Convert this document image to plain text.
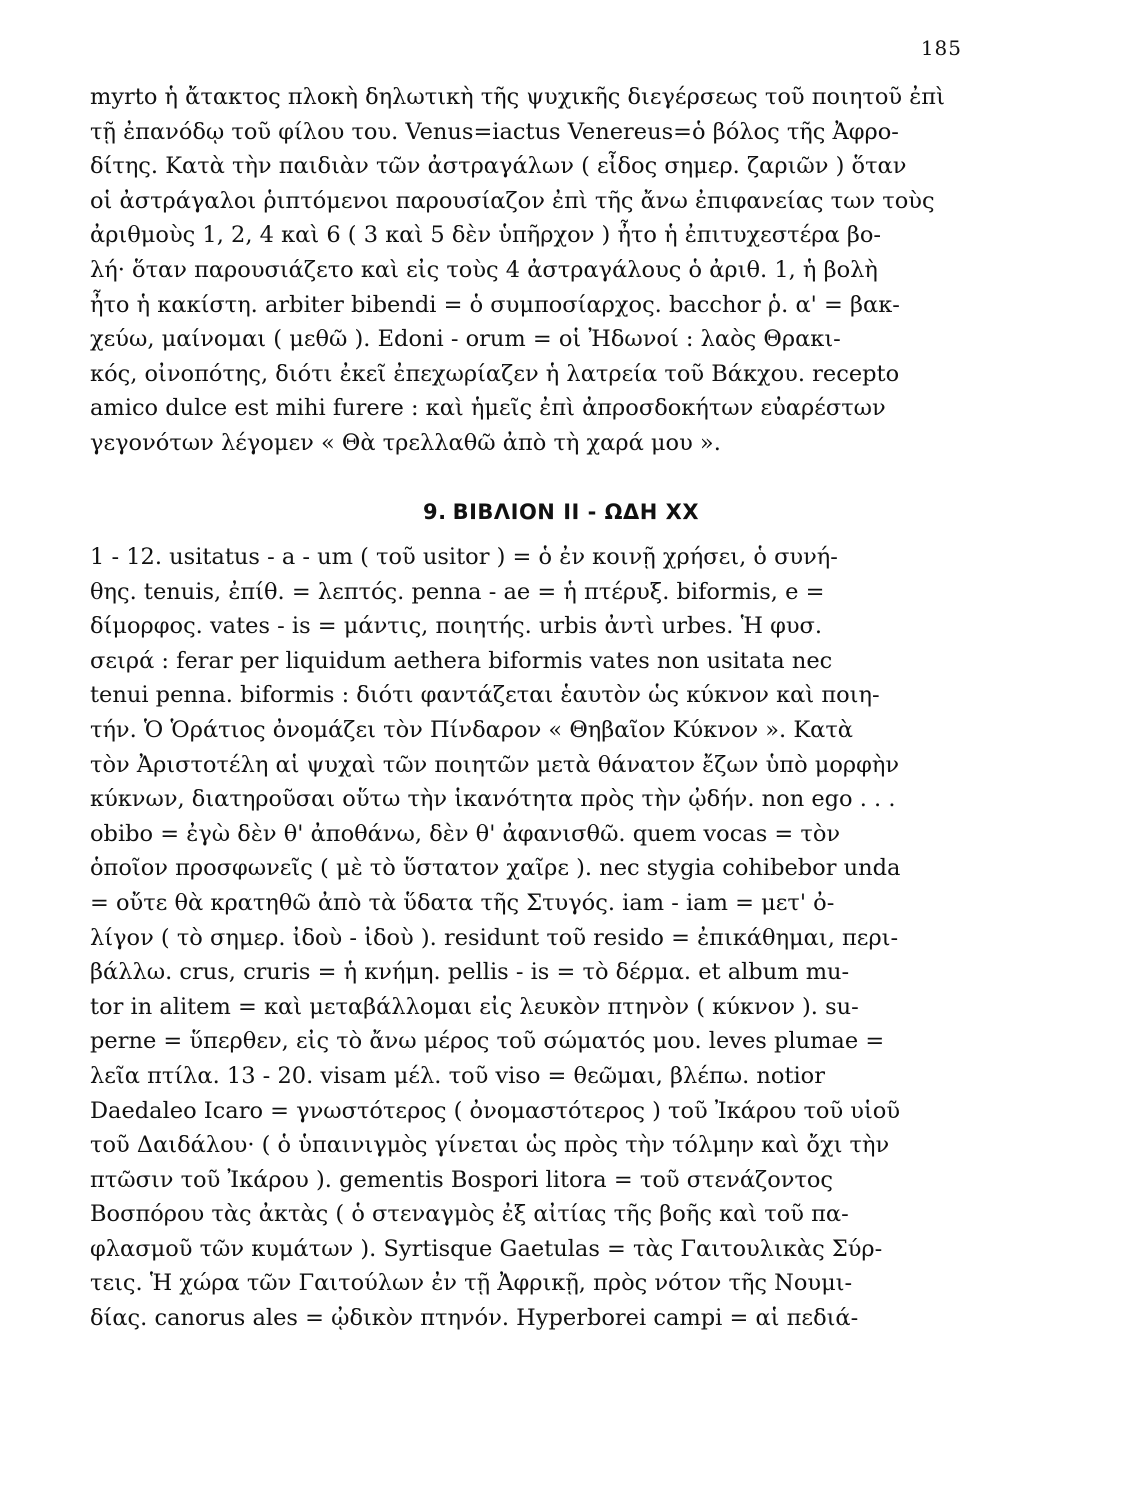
185
myrto ἡ ἄτακτος πλοκὴ δηλωτικὴ τῆς ψυχικῆς διεγέρσεως τοῦ ποιητοῦ ἐπὶ
τῇ ἐπανόδῳ τοῦ φίλου του. Venus=iactus Venereus=ὁ βόλος τῆς Ἀφρο-
δίτης. Κατὰ τὴν παιδιὰν τῶν ἀστραγάλων ( εἶδος σημερ. ζαριῶν ) ὅταν
οἱ ἀστράγαλοι ῥιπτόμενοι παρουσίαζον ἐπὶ τῆς ἄνω ἐπιφανείας των τοὺς
ἀριθμοὺς 1, 2, 4 καὶ 6 ( 3 καὶ 5 δὲν ὑπῆρχον ) ἦτο ἡ ἐπιτυχεστέρα βο-
λή· ὅταν παρουσιάζετο καὶ εἰς τοὺς 4 ἀστραγάλους ὁ ἀριθ. 1, ἡ βολὴ
ἦτο ἡ κακίστη. arbiter bibendi = ὁ συμποσίαρχος. bacchor ῥ. α' = βακ-
χεύω, μαίνομαι ( μεθῶ ). Edoni - orum = οἱ Ἠδωνοί : λαὸς Θρακι-
κός, οἰνοπότης, διότι ἐκεῖ ἐπεχωρίαζεν ἡ λατρεία τοῦ Βάκχου. recepto
amico dulce est mihi furere : καὶ ἡμεῖς ἐπὶ ἀπροσδοκήτων εὐαρέστων
γεγονότων λέγομεν « Θὰ τρελλαθῶ ἀπὸ τὴ χαρά μου ».
9. ΒΙΒΛΙΟΝ ΙΙ - ΩΔΗ ΧΧ
1 - 12. usitatus - a - um ( τοῦ usitor ) = ὁ ἐν κοινῇ χρήσει, ὁ συνή-
θης. tenuis, ἐπίθ. = λεπτός. penna - ae = ἡ πτέρυξ. biformis, e =
δίμορφος. vates - is = μάντις, ποιητής. urbis ἀντὶ urbes. Ἡ φυσ.
σειρά : ferar per liquidum aethera biformis vates non usitata nec
tenui penna. biformis : διότι φαντάζεται ἑαυτὸν ὡς κύκνον καὶ ποιη-
τήν. Ὁ Ὁράτιος ὀνομάζει τὸν Πίνδαρον « Θηβαῖον Κύκνον ». Κατὰ
τὸν Ἀριστοτέλη αἱ ψυχαὶ τῶν ποιητῶν μετὰ θάνατον ἔζων ὑπὸ μορφὴν
κύκνων, διατηροῦσαι οὕτω τὴν ἱκανότητα πρὸς τὴν ᾠδήν. non ego . . .
obibo = ἐγὼ δὲν θ' ἀποθάνω, δὲν θ' ἀφανισθῶ. quem vocas = τὸν
ὁποῖον προσφωνεῖς ( μὲ τὸ ὕστατον χαῖρε ). nec stygia cohibebor unda
= οὔτε θὰ κρατηθῶ ἀπὸ τὰ ὕδατα τῆς Στυγός. iam - iam = μετ' ὀ-
λίγον ( τὸ σημερ. ἰδοὺ - ἰδοὺ ). residunt τοῦ resido = ἐπικάθημαι, περι-
βάλλω. crus, cruris = ἡ κνήμη. pellis - is = τὸ δέρμα. et album mu-
tor in alitem = καὶ μεταβάλλομαι εἰς λευκὸν πτηνὸν ( κύκνον ). su-
perne = ὕπερθεν, εἰς τὸ ἄνω μέρος τοῦ σώματός μου. leves plumae =
λεῖα πτίλα. 13 - 20. visam μέλ. τοῦ viso = θεῶμαι, βλέπω. notior
Daedaleo Icaro = γνωστότερος ( ὀνομαστότερος ) τοῦ Ἰκάρου τοῦ υἱοῦ
τοῦ Δαιδάλου· ( ὁ ὑπαινιγμὸς γίνεται ὡς πρὸς τὴν τόλμην καὶ ὄχι τὴν
πτῶσιν τοῦ Ἰκάρου ). gementis Bospori litora = τοῦ στενάζοντος
Βοσπόρου τὰς ἀκτὰς ( ὁ στεναγμὸς ἐξ αἰτίας τῆς βοῆς καὶ τοῦ πα-
φλασμοῦ τῶν κυμάτων ). Syrtisque Gaetulas = τὰς Γαιτουλικὰς Σύρ-
τεις. Ἡ χώρα τῶν Γαιτούλων ἐν τῇ Ἀφρικῇ, πρὸς νότον τῆς Νουμι-
δίας. canorus ales = ᾠδικὸν πτηνόν. Hyperborei campi = αἱ πεδιά-
